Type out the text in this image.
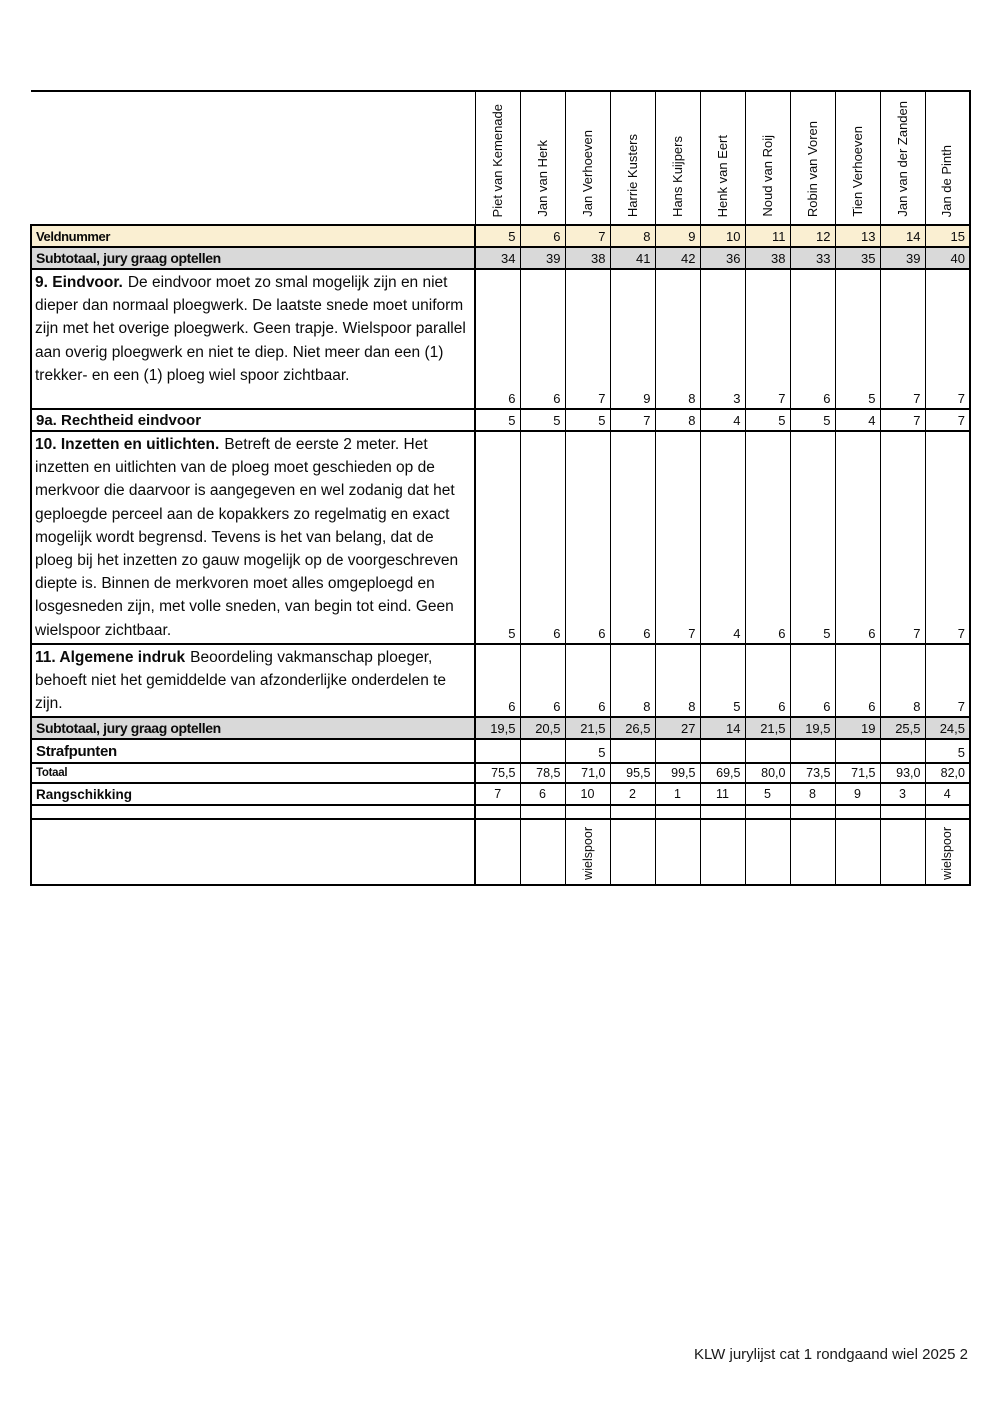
	Piet van Kemenade	Jan van Herk	Jan Verhoeven	Harrie Kusters	Hans Kuijpers	Henk van Eert	Noud van Roij	Robin van Voren	Tien Verhoeven	Jan van der Zanden	Jan de Pinth
Veldnummer	5	6	7	8	9	10	11	12	13	14	15
Subtotaal, jury graag optellen	34	39	38	41	42	36	38	33	35	39	40
9. Eindvoor. De eindvoor moet zo smal mogelijk zijn en niet dieper dan normaal ploegwerk. De laatste snede moet uniform zijn met het overige ploegwerk. Geen trapje. Wielspoor parallel aan overig ploegwerk en niet te diep. Niet meer dan een (1) trekker- en een (1) ploeg wiel spoor zichtbaar.	6	6	7	9	8	3	7	6	5	7	7
9a. Rechtheid eindvoor	5	5	5	7	8	4	5	5	4	7	7
10. Inzetten en uitlichten. Betreft de eerste 2 meter. Het inzetten en uitlichten van de ploeg moet geschieden op de merkvoor die daarvoor is aangegeven en wel zodanig dat het geploegde perceel aan de kopakkers zo regelmatig en exact mogelijk wordt begrensd. Tevens is het van belang, dat de ploeg bij het inzetten zo gauw mogelijk op de voorgeschreven diepte is. Binnen de merkvoren moet alles omgeploegd en losgesneden zijn, met volle sneden, van begin tot eind. Geen wielspoor zichtbaar.	5	6	6	6	7	4	6	5	6	7	7
11. Algemene indruk Beoordeling vakmanschap ploeger, behoeft niet het gemiddelde van afzonderlijke onderdelen te zijn.	6	6	6	8	8	5	6	6	6	8	7
Subtotaal, jury graag optellen	19,5	20,5	21,5	26,5	27	14	21,5	19,5	19	25,5	24,5
Strafpunten			5								5
Totaal	75,5	78,5	71,0	95,5	99,5	69,5	80,0	73,5	71,5	93,0	82,0
Rangschikking	7	6	10	2	1	11	5	8	9	3	4

			wielspoor								wielspoor
KLW jurylijst cat 1 rondgaand wiel 2025 2
